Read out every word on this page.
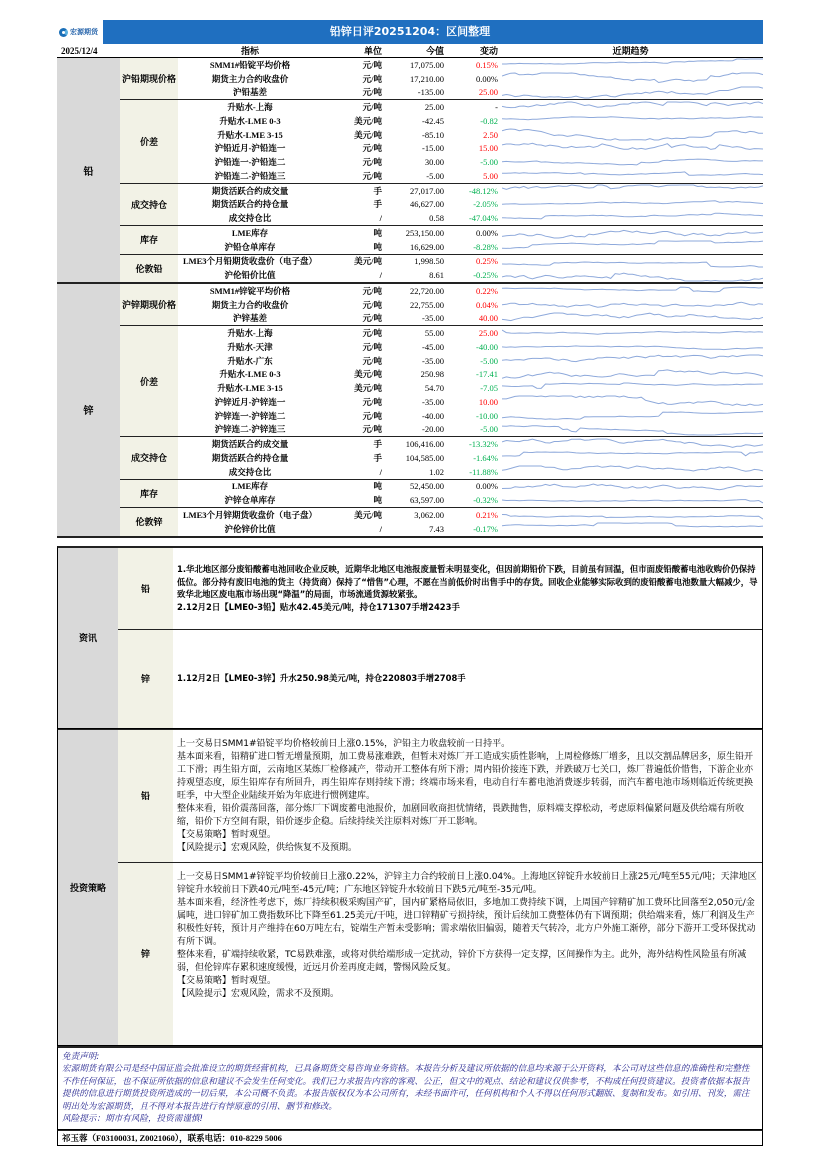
宏源期货	铅锌日评20251204：区间整理
2025/12/4	指标	单位	今值	变动	近期趋势
铅
沪铅期现价格
SMM1#铅锭平均价格	元/吨	17,075.00	0.15%
期货主力合约收盘价	元/吨	17,210.00	0.00%
沪铅基差	元/吨	-135.00	25.00
价差
升贴水-上海	元/吨	25.00	-
升贴水-LME 0-3	美元/吨	-42.45	-0.82
升贴水-LME 3-15	美元/吨	-85.10	2.50
沪铅近月-沪铅连一	元/吨	-15.00	15.00
沪铅连一-沪铅连二	元/吨	30.00	-5.00
沪铅连二-沪铅连三	元/吨	-5.00	5.00
成交持仓
期货活跃合约成交量	手	27,017.00	-48.12%
期货活跃合约持仓量	手	46,627.00	-2.05%
成交持仓比	/	0.58	-47.04%
库存
LME库存	吨	253,150.00	0.00%
沪铅仓单库存	吨	16,629.00	-8.28%
伦敦铅
LME3个月铅期货收盘价（电子盘）	美元/吨	1,998.50	0.25%
沪伦铅价比值	/	8.61	-0.25%
锌
沪锌期现价格
SMM1#锌锭平均价格	元/吨	22,720.00	0.22%
期货主力合约收盘价	元/吨	22,755.00	0.04%
沪锌基差	元/吨	-35.00	40.00
价差
升贴水-上海	元/吨	55.00	25.00
升贴水-天津	元/吨	-45.00	-40.00
升贴水-广东	元/吨	-35.00	-5.00
升贴水-LME 0-3	美元/吨	250.98	-17.41
升贴水-LME 3-15	美元/吨	54.70	-7.05
沪锌近月-沪锌连一	元/吨	-35.00	10.00
沪锌连一-沪锌连二	元/吨	-40.00	-10.00
沪锌连二-沪锌连三	元/吨	-20.00	-5.00
成交持仓
期货活跃合约成交量	手	106,416.00	-13.32%
期货活跃合约持仓量	手	104,585.00	-1.64%
成交持仓比	/	1.02	-11.88%
库存
LME库存	吨	52,450.00	0.00%
沪锌仓单库存	吨	63,597.00	-0.32%
伦敦锌
LME3个月锌期货收盘价（电子盘）	美元/吨	3,062.00	0.21%
沪伦锌价比值	/	7.43	-0.17%
资讯
铅

1.华北地区部分废铅酸蓄电池回收企业反映，近期华北地区电池报废量暂未明显变化，但因前期铅价下跌，目前虽有回温，但市面废铅酸蓄电池收购价仍保持低位。部分持有废旧电池的货主（持货商）保持了“惜售”心理，不愿在当前低价时出售手中的存货。回收企业能够实际收到的废铅酸蓄电池数量大幅减少，导致华北地区废电瓶市场出现“降温”的局面，市场流通货源较紧张。

2.12月2日【LME0-3铅】贴水42.45美元/吨，持仓171307手增2423手

锌	1.12月2日【LME0-3锌】升水250.98美元/吨，持仓220803手增2708手

投资策略
铅

上一交易日SMM1#铅锭平均价格较前日上涨0.15%，沪铅主力收盘较前一日持平。

基本面来看，铅精矿进口暂无增量预期，加工费易涨难跌，但暂未对炼厂开工造成实质性影响，上周检修炼厂增多，且以交割品牌居多，原生铅开工下滑；再生铅方面，云南地区某炼厂检修减产，带动开工整体有所下滑；周内铅价接连下跌，并跌破万七关口，炼厂普遍低价惜售，下游企业亦持观望态度，原生铅库存有所回升，再生铅库存则持续下滑；终端市场来看，电动自行车蓄电池消费逐步转弱，而汽车蓄电池市场则临近传统更换旺季，中大型企业陆续开始为年底进行惯例建库。

整体来看，铅价震荡回落，部分炼厂下调废蓄电池报价，加剧回收商担忧情绪，畏跌抛售，原料端支撑松动，考虑原料偏紧问题及供给端有所收缩，铅价下方空间有限，铅价逐步企稳。后续持续关注原料对炼厂开工影响。

【交易策略】暂时观望。

【风险提示】宏观风险，供给恢复不及预期。

锌

上一交易日SMM1#锌锭平均价较前日上涨0.22%，沪锌主力合约较前日上涨0.04%。上海地区锌锭升水较前日上涨25元/吨至55元/吨；天津地区锌锭升水较前日下跌40元/吨至-45元/吨；广东地区锌锭升水较前日下跌5元/吨至-35元/吨。

基本面来看，经济性考虑下，炼厂持续积极采购国产矿，国内矿紧格局依旧，多地加工费持续下调，上周国产锌精矿加工费环比回落至2,050元/金属吨，进口锌矿加工费指数环比下降至61.25美元/干吨，进口锌精矿亏损持续，预计后续加工费整体仍有下调预期；供给端来看，炼厂利润及生产积极性好转，预计月产维持在60万吨左右，锭端生产暂未受影响；需求端依旧偏弱，随着天气转冷，北方户外施工渐停，部分下游开工受环保扰动有所下调。

整体来看，矿端持续收紧，TC易跌难涨，或将对供给端形成一定扰动，锌价下方获得一定支撑，区间操作为主。此外，海外结构性风险虽有所减弱，但伦锌库存累积速度缓慢，近远月价差再度走阔，警惕风险反复。

【交易策略】暂时观望。

【风险提示】宏观风险，需求不及预期。

免责声明:
宏源期货有限公司是经中国证监会批准设立的期货经营机构，已具备期货交易咨询业务资格。本报告分析及建议所依据的信息均来源于公开资料，本公司对这些信息的准确性和完整性不作任何保证，也不保证所依据的信息和建议不会发生任何变化。我们已力求报告内容的客观、公正，但文中的观点、结论和建议仅供参考，不构成任何投资建议。投资者依据本报告提供的信息进行期货投资所造成的一切后果，本公司概不负责。本报告版权仅为本公司所有，未经书面许可，任何机构和个人不得以任何形式翻版、复制和发布。如引用、刊发，需注明出处为宏源期货，且不得对本报告进行有悖原意的引用、删节和修改。
风险提示：期市有风险，投资需谨慎!
祁玉蓉（F03100031, Z0021060），联系电话：010-8229 5006
